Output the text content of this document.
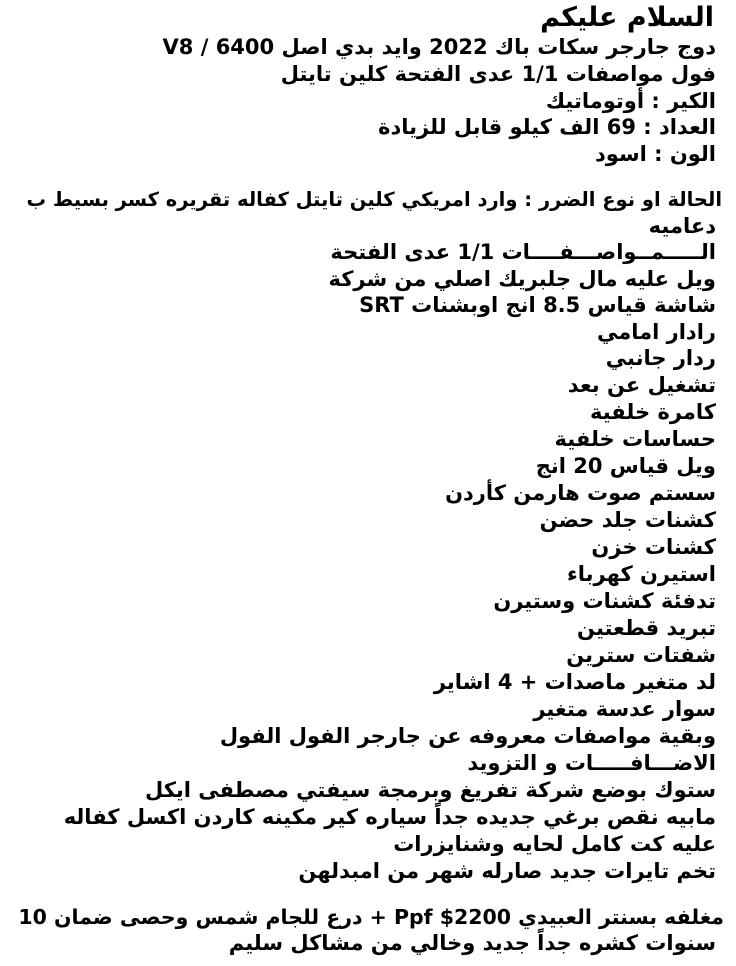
السلام عليكم
دوج جارجر سكات باك 2022 وايد بدي اصل 6400 / V8
فول مواصفات 1/1 عدى الفتحة كلين تايتل
الكير : أوتوماتيك
العداد : 69 الف كيلو قابل للزيادة
الون : اسود
الحالة او نوع الضرر : وارد امريكي كلين تايتل كفاله تقريره كسر بسيط ب
دعاميه
الـــــمــواصـــفــــات 1/1 عدى الفتحة
ويل عليه مال جلبريك اصلي من شركة
شاشة قياس 8.5 انج اوبشنات SRT
رادار امامي
ردار جانبي
تشغيل عن بعد
كامرة خلفية
حساسات خلفية
ويل قياس 20 انج
سستم صوت هارمن كأردن
كشنات جلد حضن
كشنات خزن
استيرن كهرباء
تدفئة كشنات وستيرن
تبريد قطعتين
شفتات سترين
لد متغير ماصدات + 4 اشاير
سوار عدسة متغير
وبقية مواصفات معروفه عن جارجر الفول الفول
الاضـــافـــــات و التزويد
ستوك بوضع شركة تفريغ وبرمجة سيفتي مصطفى ايكل
مابيه نقص برغي جديده جداً سياره كير مكينه كاردن اكسل كفاله
عليه كت كامل لحايه وشنايزرات
تخم تايرات جديد صارله شهر من امبدلهن
مغلفه بسنتر العبيدي Ppf $2200 + درع للجام شمس وحصى ضمان 10
سنوات كشره جداً جديد وخالي من مشاكل سليم
